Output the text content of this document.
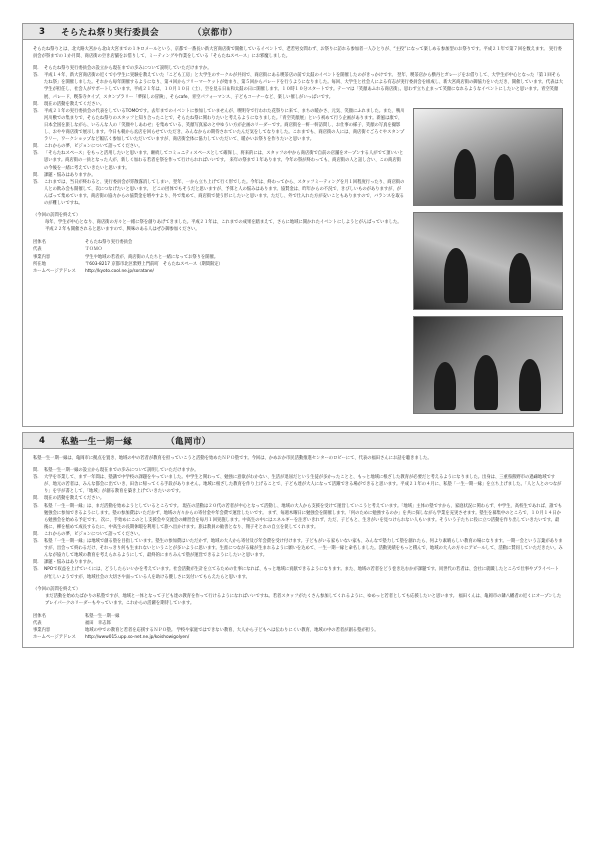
3	そらたね祭り実行委員会	（京都市）

そらたね祭りとは、北大路大宮から北山大宮までの１キロメールという、京都で一番長い新大宮商店街で開催しているイベントで、老若男女問わず、お祭りに訪れる参加者一人ひとりが、“主役”になって楽しめる参加型のお祭りです。平成２１年で第７回を数えます。 実行委員会が祭までの１か月間、商店街の空き店舗をお借りして、ミーティングや作業をしている「そらたねスペース」にお邪魔しました。

問． そらたね祭り実行委員会の設立から現在までの歩みについて説明していただけますか。
答． 平成１４年、新大宮商店街の近くで小学生に実験を教えていた「こども工房」と大学生のサークルが共同で、商店街にある喫茶店の前で太鼓のイベントを開催したのがきっかけです。 翌年、喫茶店から横丹とガレージをお借りして、大学生が中心となった「第１回そらたね祭」を開催しました。それから毎年開催するようになり、第４回からフリーマーケットが始まり、第５回からパレードを行うようになりました。毎回、大学生と社会人による有志が実行委員会を組成し、新大宮商店街の御協力をいただき、開催しています。代表は大学生が担任し、社会人がサポートしています。平成２１年は、１０月１０日（土）、空を見る日＆和太鼓の日に開催します。１０時１０分スタートです。テーマは「笑顔あふれる商店街」。思わず立ち止まって笑顔になれるようなイベントにしたいと思います。青空笑顔展、パレード、喫茶寺タイプ、スタンプラリー「夢探しの冒険」、そらcafe、青空パフォーマンス、子どもコーナーなど、楽しい催しがいっぱいです。
問． 現在の活動を教えてください。
答． 平成２１年の実行委員会の代表をしているTOMOです。去年までのイベントに参加していませんが、喫明寺で行われた花祭りに来て、まちの暖かさ、元気、笑顔にふれました。また、鴨川河川敷での集まりで、そらたね祭りのスタッフと知り合ったことで、そらたね祭に関わりたいと考えるようになりました。「青空笑顔展」という初めて行う企画があります。新風は康で、日本全国を旅しながら、いろんな人の「笑顔やしあわせ」を集めている、笑顔写真家のと中ゆうい方が企画のリーダーです。商店街を一軒一軒訪問し、お仕事の様子、笑顔の写真を撮影し、おやや商店街で展示します。今日も朝から丞店を回らせていただき、みんなからの期待されていたんだ気をしてなりました。これまでも、商店街の人には、商店街ぐごろぐやスタンプラリー、ワークショップなど幅広く参加していただいていますが、商店街全体に協力していただいて、暖かいお祭りを作りたいと思います。
問． これからの夢、ビジョンについて語ってください。
答． 「そらたねスペース」をもっと活用したいと思います。継続してコミュニティスペースとして確保し、将来的には、スタッフの中から商店街で自前の店舗をオープンする人がでて頂いいと思います。商店街の一員となった人が、新しく加わる若者を祭を作って行けられればいいです。 来年の祭まで１年あります。今年の祭が終わっても、商店街の人と話し合い、この商店街の今後を一緒に考えていきたいと思います。
問． 課題・悩みはありますか。
答． これまでは、当日が終わると、実行委員会が雰散霧消してしまい、翌年、一から立ち上げて行く形でした。今年は、終わってから、スタッフミーティングを月１回程度行ったり、商店街の人との飲み会も開催して、次につなげたいと思います。 どこの団体でもそうだと思いますが、予算と人の悩みはあります。協賛金は、昨年からの不況で、きびしいものがありますが、がんばって集めています。商店街の協力からの協賛金を増やすより、外で集めて、商店街で使う形にしたいと思います。ただし、外で仕入れた方が安いこともありますので、バランスを取るのが難しいですね。
（今回の訪問を終えて）
毎年、学生が中心となり、商店街の方々と一緒に祭を創りあげてきました。平成２１年は、これまでの成果を踏まえて、さらに地域に開かれたイベントにしようとがんばっていました。平成２２年も開催されると思いますので、興味のある人はぜひ御参加ください。
団体名	そらたね祭り実行委員会
代表	ＴＯＭＯ
事業内容	学生や地域の若者が、商店街の人たちと一緒になってお祭りを開催。
所在地	〒603-8217 京都市北区紫野上門前町　そらたねスペース（期間限定）
ホームページアドレス	http://kyoto.cool.ne.jp/soratane/
4	私塾一生一期一縁	（亀岡市）

私塾一生一期一縁は、亀岡市に拠点を置き、地域の中の若者が教育を担っていこうと活動を始めたＮＰＯ塾です。今回は、かめおか市民活動推進センターのロビーにて、代表の福田さんにお話を聴きました。

問． 私塾一生一期一縁の設立から現在までの歩みについて説明していただけますか。
答． 大学を卒業して、まず一年間は、塾講で中学校の課題をやっていました。中学生と関わって、勉強に意欲がわかない、生活が退屈だという生徒が多かったことと、もっと地域に根ざした教育が必要だと考えるようになりました。出身は、三重県熊野市の過疎地域ですが、地元の若者は、みんな都会に出ていき、田舎に帰ってくる手段がありません。地域に根ざした教育を作り上げることで、子ども達が大人になって活躍できる場ができると思います。平成２１年の４月に、私塾「一生一期一縁」を立ち上げました。「人と人とのつながり」を字が書として、「地域」が創る教育を築き上げていきたいのです。
問． 現在の活動を教えてください。
答． 私塾「一生一期一縁」は、まだ活動を始めようとしているところです。 現在の活動は２０代の若者が中心となって活動し、地域の大人から支援を受けて運営していこうと考えています。「地域」主体の塾ですから、家庭状況に関わらず、中学生、高校生であれば、誰でも勉強会に参加できるようにします。塾の参加費はいただかず、地域の方々からの寄付金や年会費で運営したいです。 まず、毎週木曜日に勉強会を開催します。「何のために勉強するのか」を共に探しながら学業を充実させます。塾生を募集中のところで、１０月１４日から勉強会を始める予定です。 次に、手始めにこのとし支援会や交流会の練習会を毎月１回実施します。中高生の中にはエネルギーを注ぎいきれず、ただ、子どもと、生きがいを見つけられない人もいます。そういう子たちに役に立つ活動を作り出していきたいです。最後に、柳を植めて成長するたに、中高生の長期休暇を利用して旅へ出かけます。旅は教員の勧善となり、翔子そとれの自立を促してくれます。
問． これからの夢、ビジョンについて語ってください。
答． 私塾「一生一期一縁」は地域で創る塾を目指しています。塾生の参加費はいただかず、地域の大人から寄付及び年会費を受け付けます。子どもがいる家もいない家も、みんなで塾力して塾を創れたら、何より素晴らしい教育の場になります。一期一会という言葉がありますが、出会って終わるだけ、それっきり何も生まれないということが多いように思います。生涯につながる縁が生まれるように願いを込めて、一生一期一縁と命名しました。活動実績をもっと積んで、地域の大人の方々にアピールして、活動に賛同していただきたい。みんなが協力して地域の教育を考えられるようにして、最終的にまちみんで塾が運営できるようにしたいと思います。
問． 課題・悩みはありますか。
答． NPOで収益を上げていくには、どうしたらいいかを考えています。社会活動が生計を立てるための仕事になれば、もっと地域に貢献できるようになります。また、地域の若者をどう巻き込むかが課題です。同世代の若者は、会社に就職したところで仕事やプライベートが忙しいようですが、地域社会の大切さや面っている人を助ける優しさに気付いてもらえたらと思います。
（今回の訪問を終えて）
まだ活動を始めたばかりの私塾ですが、地域と一体となって子ども達の教育を作って行けるようになればいいですね。若者スタッフがたくさん参加してくれるように、ゆめっと若者としても応援したいと思います。 福田くんは、亀岡市の隣八幡者の近くにオープンしたブレイパークのリーダーもやっています。これからの活躍を期待しています。
団体名	私塾一生一期一縁
代表	福田　幸志郎
事業内容	地域の中での教育と若者を応援するＮＰＯ塾。 学校や家庭ではできない教育、大人から子どもへは伝わりにくい教育、地域の中の若者が創る塾が担う。
ホームページアドレス	http://www015.upp.so-net.ne.jp/koishowigolyen/
